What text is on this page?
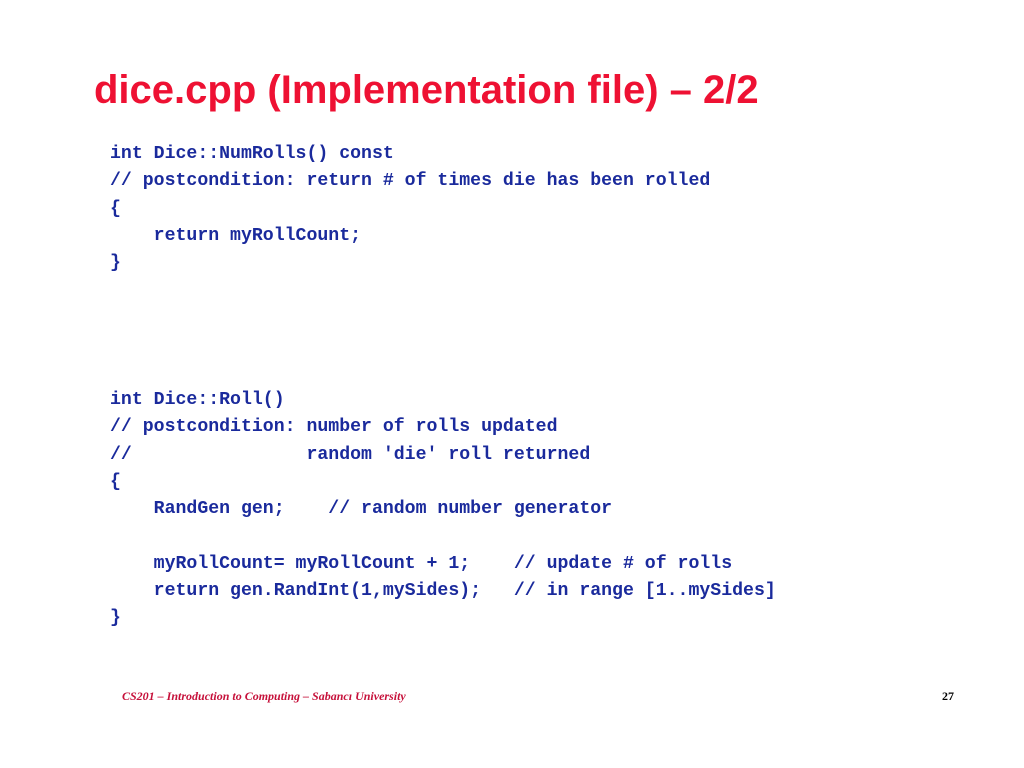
dice.cpp (Implementation file) – 2/2
int Dice::NumRolls() const
// postcondition: return # of times die has been rolled
{
return myRollCount;
}
int Dice::Roll()
// postcondition: number of rolls updated
//                random 'die' roll returned
{
RandGen gen;    // random number generator
myRollCount= myRollCount + 1;    // update # of rolls
return gen.RandInt(1,mySides);   // in range [1..mySides]
}
CS201 – Introduction to Computing – Sabancı University	27
